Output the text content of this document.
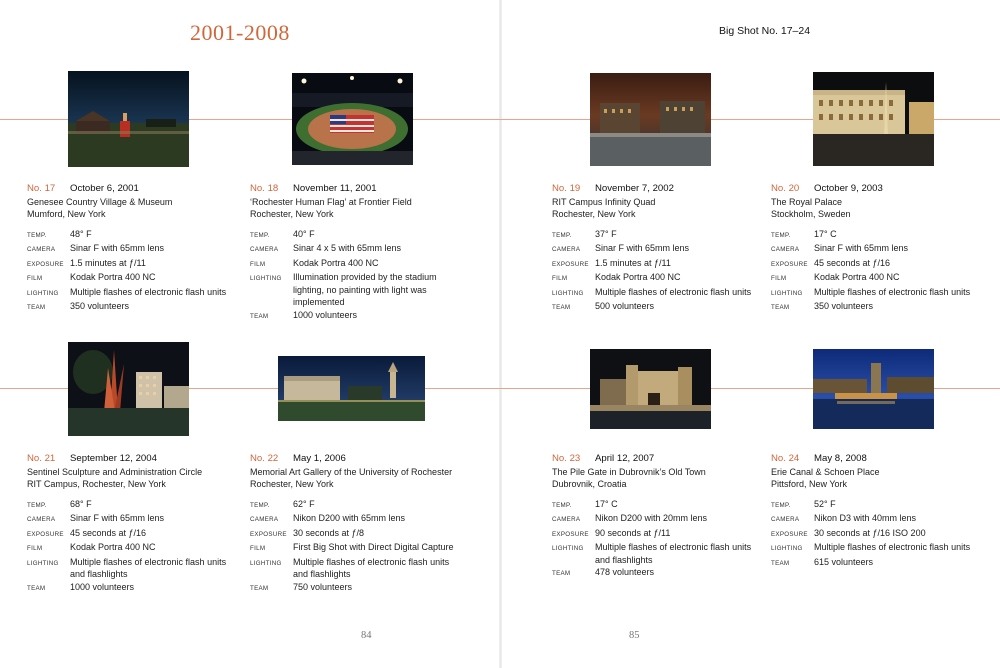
2001-2008	Big Shot No. 17–24
No. 17 October 6, 2001
Genesee Country Village & Museum
Mumford, New York
TEMP.	48° F
CAMERA	Sinar F with 65mm lens
EXPOSURE 1.5 minutes at ƒ/11
FILM	Kodak Portra 400 NC
LIGHTING	Multiple flashes of electronic flash units
TEAM	350 volunteers
No. 18 November 11, 2001
‘Rochester Human Flag’ at Frontier Field
Rochester, New York
TEMP.	40° F
CAMERA	Sinar 4 x 5 with 65mm lens
FILM	Kodak Portra 400 NC
LIGHTING	Illumination provided by the stadium
lighting, no painting with light was
implemented
TEAM	1000 volunteers
No. 19 November 7, 2002
RIT Campus Infinity Quad
Rochester, New York
TEMP.	37° F
CAMERA	Sinar F with 65mm lens
EXPOSURE 1.5 minutes at ƒ/11
FILM	Kodak Portra 400 NC
LIGHTING	Multiple flashes of electronic flash units
TEAM	500 volunteers
No. 20 October 9, 2003
The Royal Palace
Stockholm, Sweden
TEMP.	17° C
CAMERA	Sinar F with 65mm lens
EXPOSURE 45 seconds at ƒ/16
FILM	Kodak Portra 400 NC
LIGHTING	Multiple flashes of electronic flash units
TEAM	350 volunteers
No. 21 September 12, 2004
Sentinel Sculpture and Administration Circle
RIT Campus, Rochester, New York
TEMP.	68° F
CAMERA	Sinar F with 65mm lens
EXPOSURE 45 seconds at ƒ/16
FILM	Kodak Portra 400 NC
LIGHTING	Multiple flashes of electronic flash units
and flashlights
TEAM	1000 volunteers
No. 22 May 1, 2006
Memorial Art Gallery of the University of Rochester
Rochester, New York
TEMP.	62° F
CAMERA	Nikon D200 with 65mm lens
EXPOSURE 30 seconds at ƒ/8
FILM	First Big Shot with Direct Digital Capture
LIGHTING	Multiple flashes of electronic flash units
and flashlights
TEAM	750 volunteers
No. 23 April 12, 2007
The Pile Gate in Dubrovnik’s Old Town
Dubrovnik, Croatia
TEMP.	17° C
CAMERA	Nikon D200 with 20mm lens
EXPOSURE 90 seconds at ƒ/11
LIGHTING	Multiple flashes of electronic flash units
and flashlights
TEAM	478 volunteers
No. 24 May 8, 2008
Erie Canal & Schoen Place
Pittsford, New York
TEMP.	52° F
CAMERA	Nikon D3 with 40mm lens
EXPOSURE 30 seconds at ƒ/16 ISO 200
LIGHTING	Multiple flashes of electronic flash units
TEAM	615 volunteers
84	85
